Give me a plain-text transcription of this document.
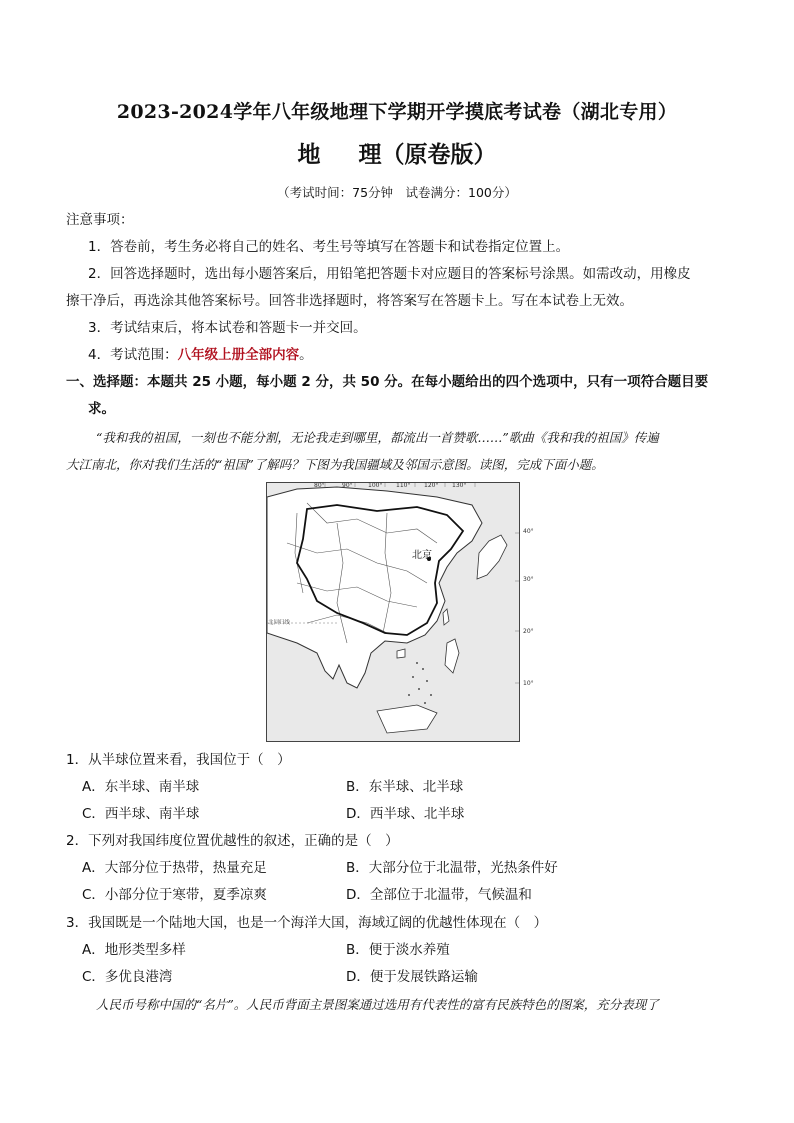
2023-2024学年八年级地理下学期开学摸底考试卷（湖北专用）
地 理（原卷版）
（考试时间：75分钟　试卷满分：100分）
注意事项：
1．答卷前，考生务必将自己的姓名、考生号等填写在答题卡和试卷指定位置上。
2．回答选择题时，选出每小题答案后，用铅笔把答题卡对应题目的答案标号涂黑。如需改动，用橡皮
擦干净后，再选涂其他答案标号。回答非选择题时，将答案写在答题卡上。写在本试卷上无效。
3．考试结束后，将本试卷和答题卡一并交回。
4．考试范围：八年级上册全部内容。
一、选择题：本题共 25 小题，每小题 2 分，共 50 分。在每小题给出的四个选项中，只有一项符合题目要
求。
“我和我的祖国，一刻也不能分割，无论我走到哪里，都流出一首赞歌……”歌曲《我和我的祖国》传遍
大江南北，你对我们生活的“祖国”了解吗？下图为我国疆域及邻国示意图。读图，完成下面小题。
80°	90°	100° 110° 120° 130°
40°
30°
20°
10°
北京
北回归线
1．从半球位置来看，我国位于（　）
A．东半球、南半球	B．东半球、北半球
C．西半球、南半球	D．西半球、北半球
2．下列对我国纬度位置优越性的叙述，正确的是（　）
A．大部分位于热带，热量充足	B．大部分位于北温带，光热条件好
C．小部分位于寒带，夏季凉爽	D．全部位于北温带，气候温和
3．我国既是一个陆地大国，也是一个海洋大国，海域辽阔的优越性体现在（　）
A．地形类型多样	B．便于淡水养殖
C．多优良港湾	D．便于发展铁路运输
人民币号称中国的“名片”。人民币背面主景图案通过选用有代表性的富有民族特色的图案，充分表现了
